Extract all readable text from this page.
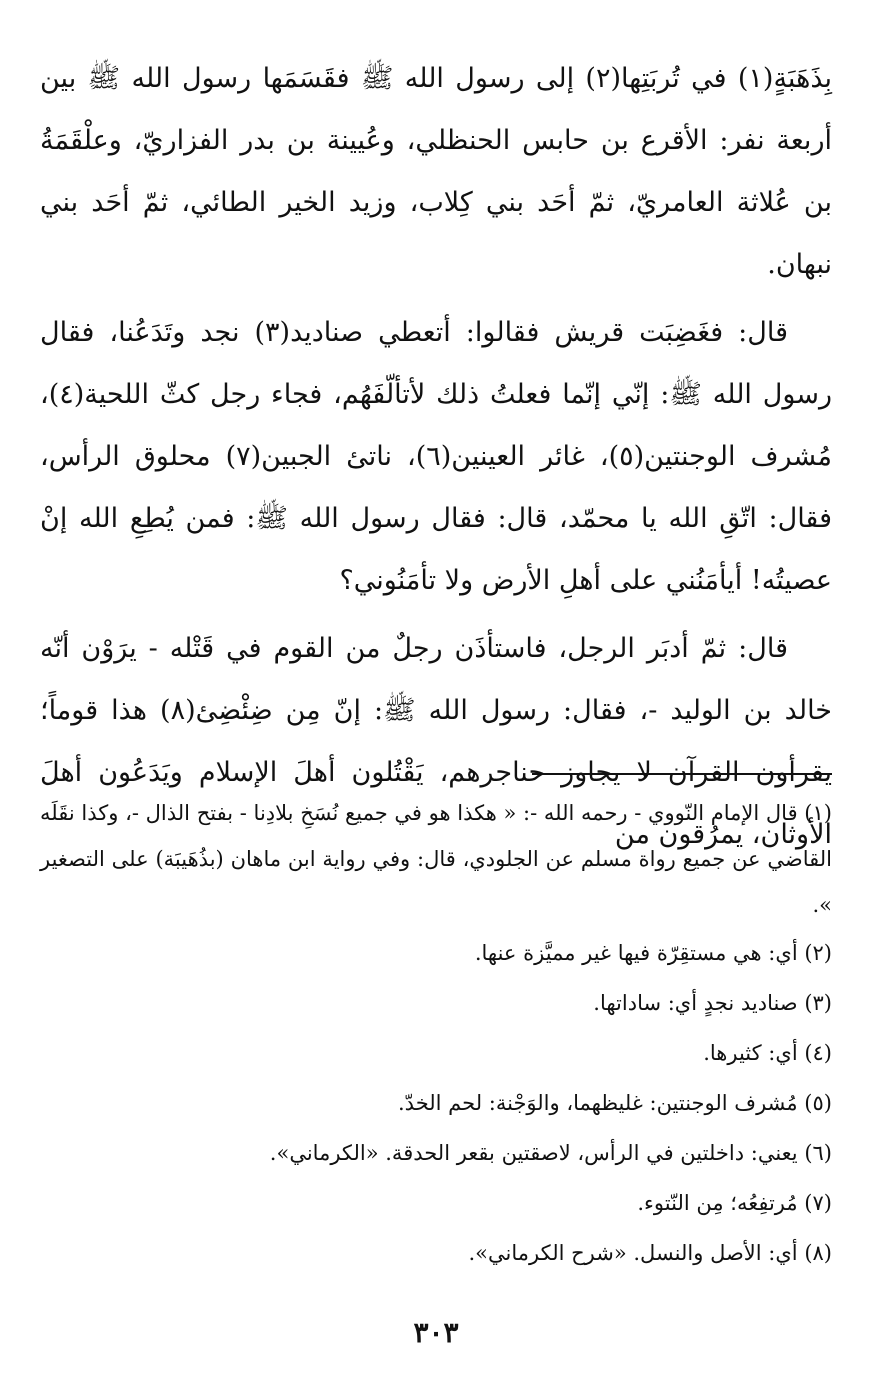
بِذَهَبَةٍ(١) في تُربَتِها(٢) إلى رسول الله ﷺ فقَسَمَها رسول الله ﷺ بين أربعة نفر: الأقرع بن حابس الحنظلي، وعُيينة بن بدر الفزاريّ، وعلْقَمَةُ بن عُلاثة العامريّ، ثمّ أحَد بني كِلاب، وزيد الخير الطائي، ثمّ أحَد بني نبهان.

قال: فغَضِبَت قريش فقالوا: أتعطي صناديد(٣) نجد وتَدَعُنا، فقال رسول الله ﷺ: إنّي إنّما فعلتُ ذلك لأتألّفَهُم، فجاء رجل كثّ اللحية(٤)، مُشرف الوجنتين(٥)، غائر العينين(٦)، ناتئ الجبين(٧) محلوق الرأس، فقال: اتّقِ الله يا محمّد، قال: فقال رسول الله ﷺ: فمن يُطِعِ الله إنْ عصيتُه! أيأمَنُني على أهلِ الأرض ولا تأمَنُوني؟

قال: ثمّ أدبَر الرجل، فاستأذَن رجلٌ من القوم في قَتْله - يرَوْن أنّه خالد بن الوليد -، فقال: رسول الله ﷺ: إنّ مِن ضِئْضِئ(٨) هذا قوماً؛ يقرأون القرآن لا يجاوز حناجرهم، يَقْتُلون أهلَ الإسلام ويَدَعُون أهلَ الأوثان، يمرُقون من

(١) قال الإمام النّووي - رحمه الله -: « هكذا هو في جميع نُسَخِ بلادِنا - بفتح الذال -، وكذا نقَلَه القاضي عن جميع رواة مسلم عن الجلودي، قال: وفي رواية ابن ماهان (بذُهَيبَة) على التصغير ».

(٢) أي: هي مستقِرّة فيها غير مميَّزة عنها.

(٣) صناديد نجدٍ أي: ساداتها.

(٤) أي: كثيرها.

(٥) مُشرف الوجنتين: غليظهما، والوَجْنة: لحم الخدّ.

(٦) يعني: داخلتين في الرأس، لاصقتين بقعر الحدقة. «الكرماني».

(٧) مُرتفِعُه؛ مِن النّتوء.

(٨) أي: الأصل والنسل. «شرح الكرماني».

٣٠٣
